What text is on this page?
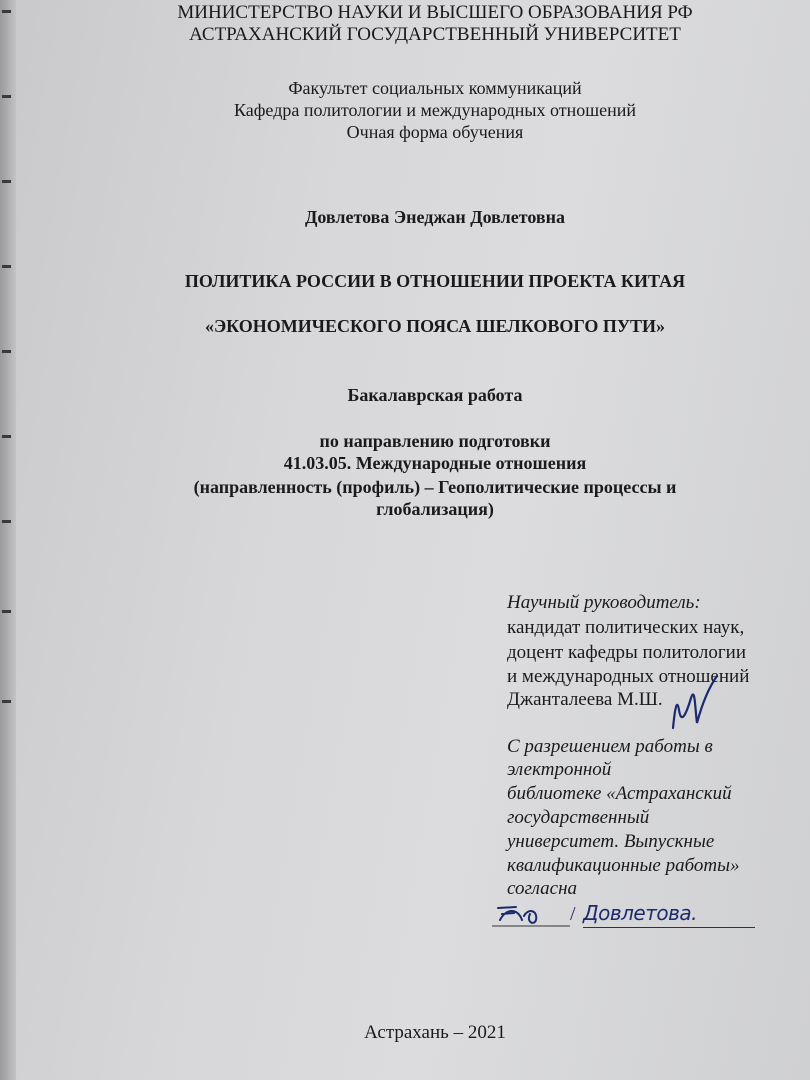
МИНИСТЕРСТВО НАУКИ И ВЫСШЕГО ОБРАЗОВАНИЯ РФ
АСТРАХАНСКИЙ ГОСУДАРСТВЕННЫЙ УНИВЕРСИТЕТ
Факультет социальных коммуникаций
Кафедра политологии и международных отношений
Очная форма обучения
Довлетова Энеджан Довлетовна
ПОЛИТИКА РОССИИ В ОТНОШЕНИИ ПРОЕКТА КИТАЯ
«ЭКОНОМИЧЕСКОГО ПОЯСА ШЕЛКОВОГО ПУТИ»
Бакалаврская работа
по направлению подготовки
41.03.05. Международные отношения
(направленность (профиль) – Геополитические процессы и
глобализация)
Научный руководитель:
кандидат политических наук,
доцент кафедры политологии
и международных отношений
Джанталеева М.Ш.
С разрешением работы в
электронной
библиотеке «Астраханский
государственный
университет. Выпускные
квалификационные работы»
согласна
/ Довлетова.
Астрахань – 2021
